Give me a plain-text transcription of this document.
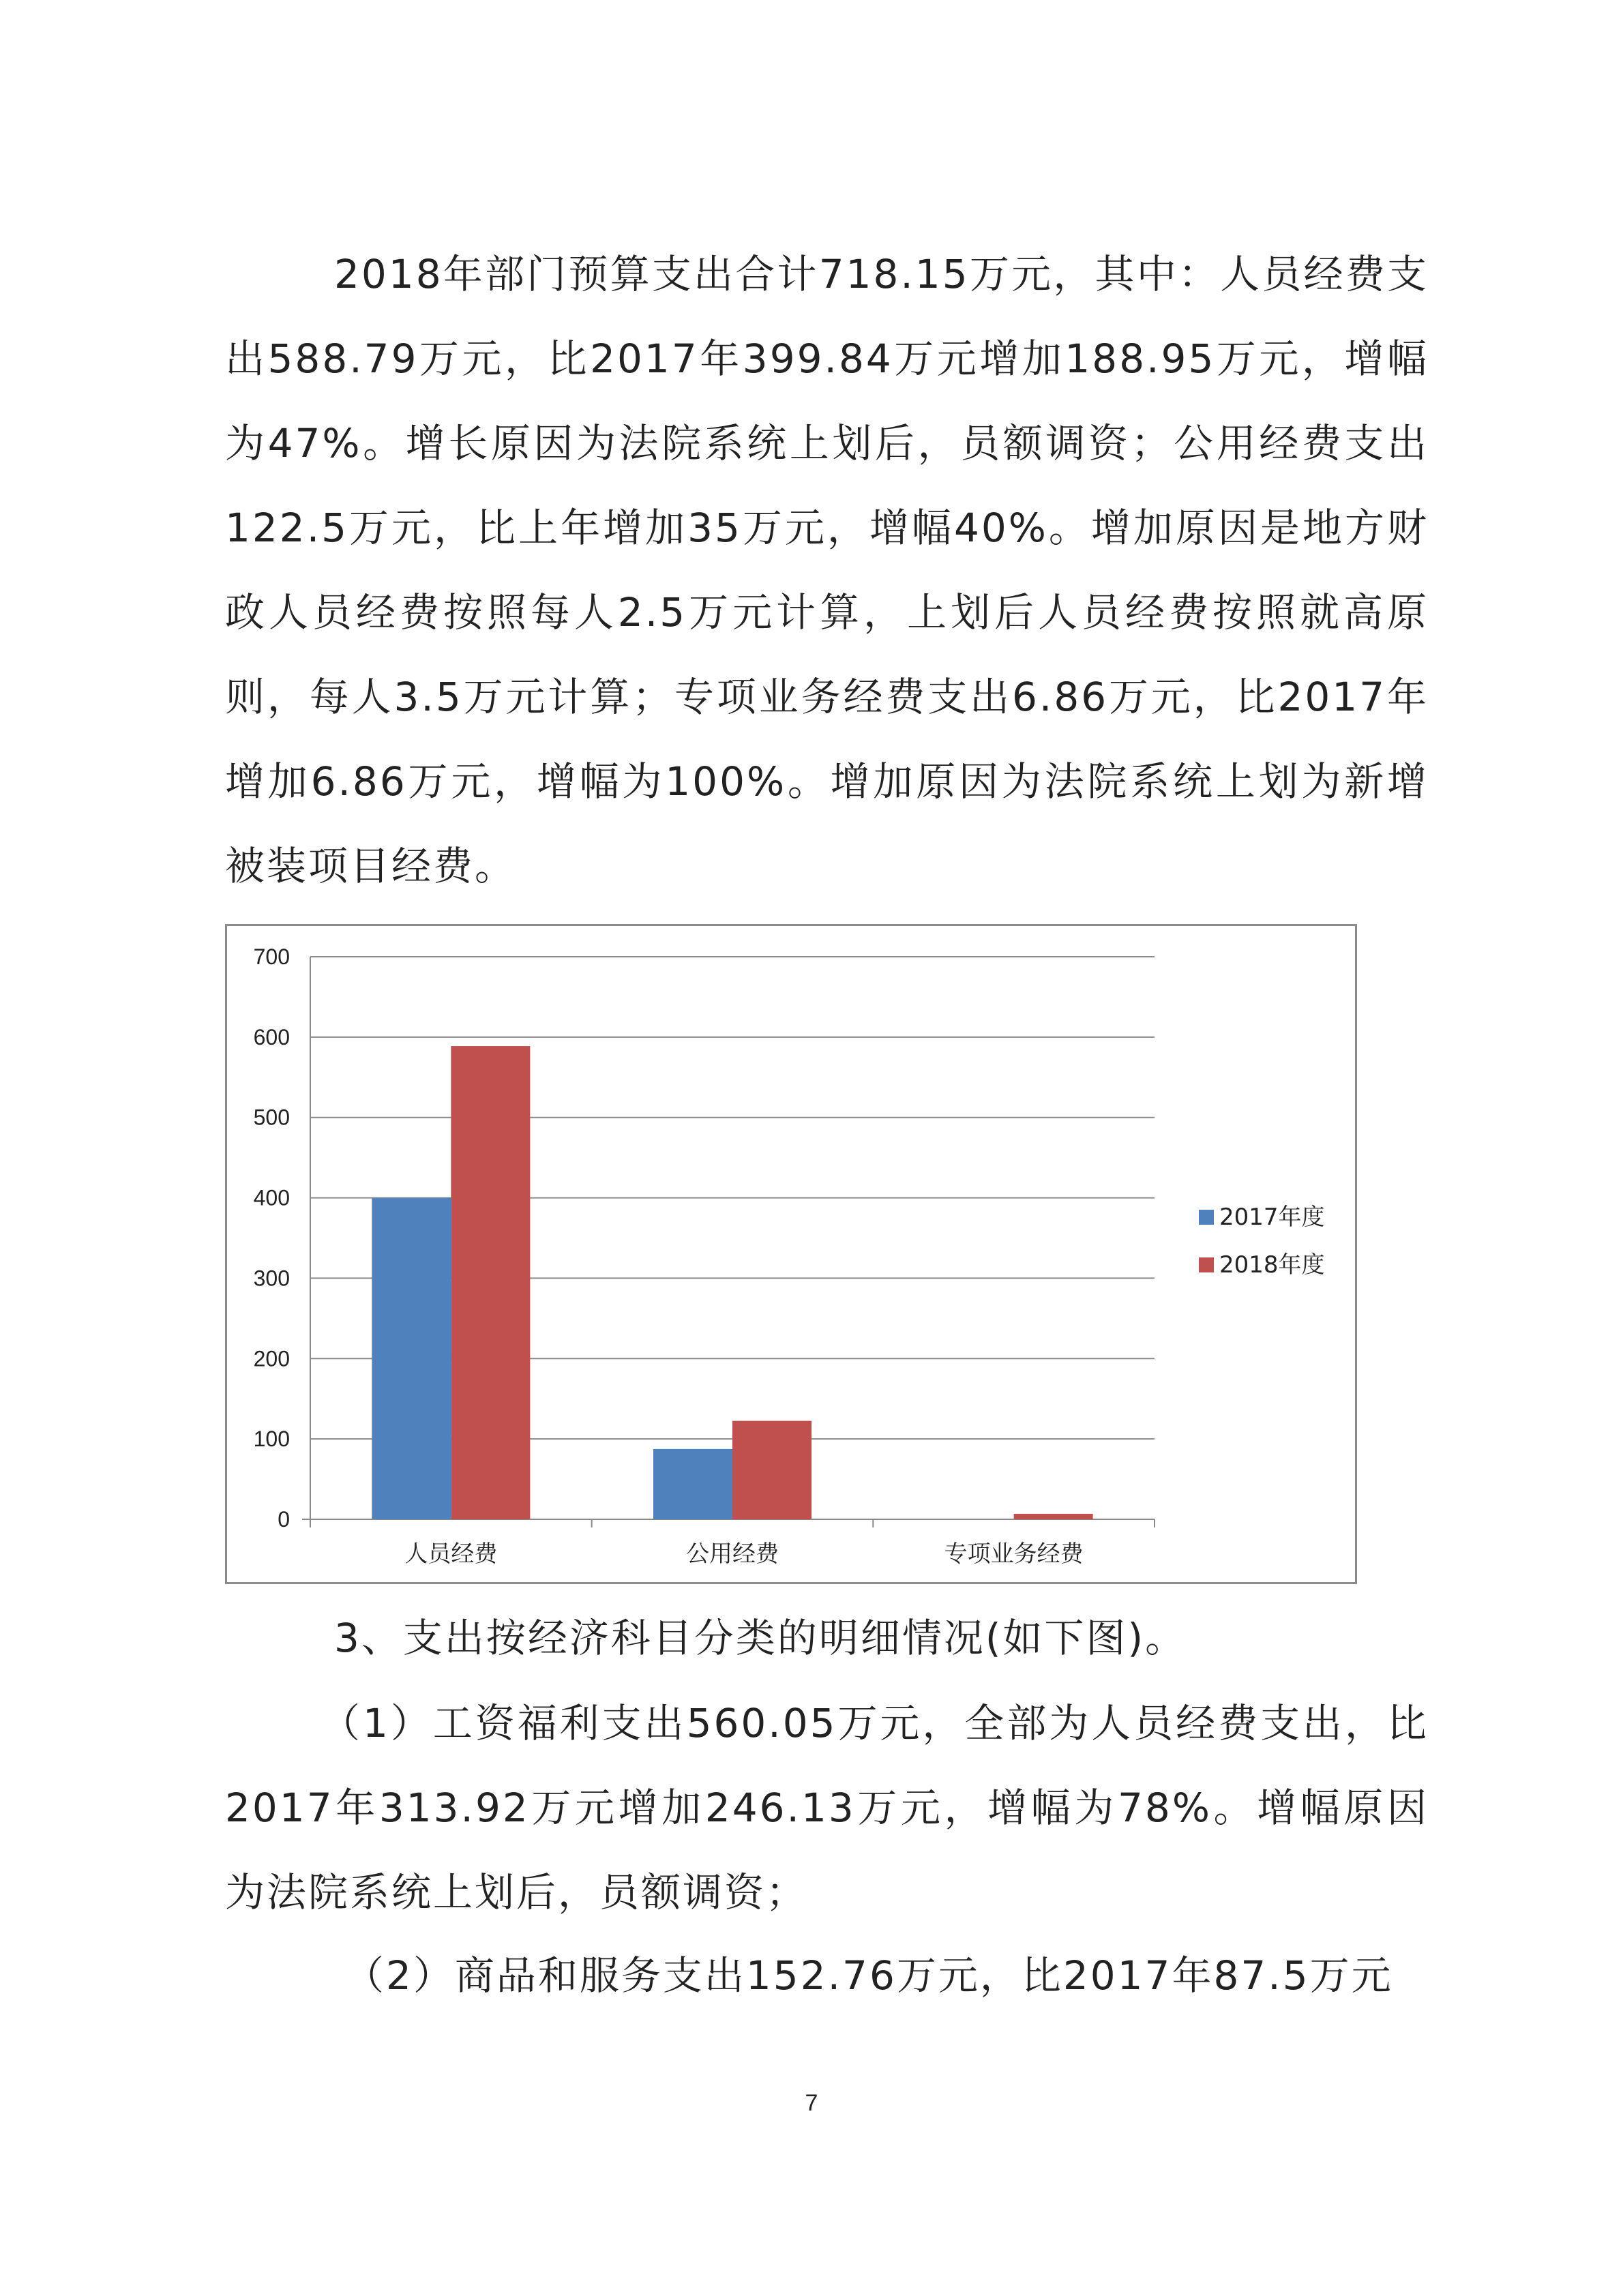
2018年部门预算支出合计718.15万元，其中：人员经费支出588.79万元，比2017年399.84万元增加188.95万元，增幅为47%。增长原因为法院系统上划后，员额调资；公用经费支出122.5万元，比上年增加35万元，增幅40%。增加原因是地方财政人员经费按照每人2.5万元计算，上划后人员经费按照就高原则，每人3.5万元计算；专项业务经费支出6.86万元，比2017年增加6.86万元，增幅为100%。增加原因为法院系统上划为新增被装项目经费。

0
100
200
300
400
500
600
700
人员经费	公用经费	专项业务经费
2017年度
2018年度

3、支出按经济科目分类的明细情况(如下图)。

（1）工资福利支出560.05万元，全部为人员经费支出，比2017年313.92万元增加246.13万元，增幅为78%。增幅原因为法院系统上划后，员额调资；

（2）商品和服务支出152.76万元，比2017年87.5万元

7
